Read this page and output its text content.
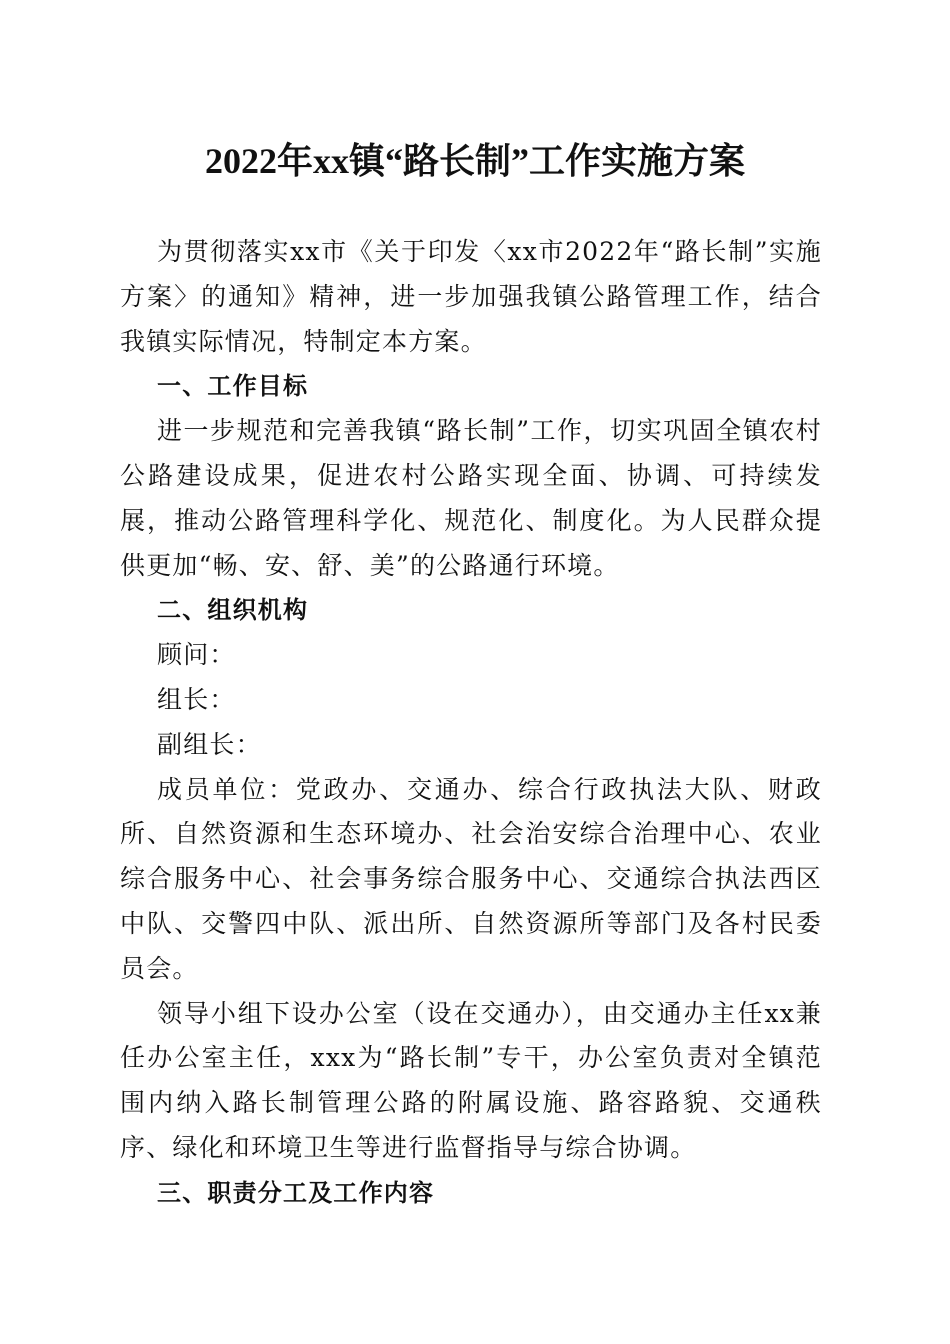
2022年xx镇“路长制”工作实施方案

为贯彻落实xx市《关于印发〈xx市2022年“路长制”实施方案〉的通知》精神，进一步加强我镇公路管理工作，结合我镇实际情况，特制定本方案。

一、工作目标

进一步规范和完善我镇“路长制”工作，切实巩固全镇农村公路建设成果，促进农村公路实现全面、协调、可持续发展，推动公路管理科学化、规范化、制度化。为人民群众提供更加“畅、安、舒、美”的公路通行环境。

二、组织机构

顾问：

组长：

副组长：

成员单位：党政办、交通办、综合行政执法大队、财政所、自然资源和生态环境办、社会治安综合治理中心、农业综合服务中心、社会事务综合服务中心、交通综合执法西区中队、交警四中队、派出所、自然资源所等部门及各村民委员会。

领导小组下设办公室（设在交通办），由交通办主任xx兼任办公室主任，xxx为“路长制”专干，办公室负责对全镇范围内纳入路长制管理公路的附属设施、路容路貌、交通秩序、绿化和环境卫生等进行监督指导与综合协调。

三、职责分工及工作内容
